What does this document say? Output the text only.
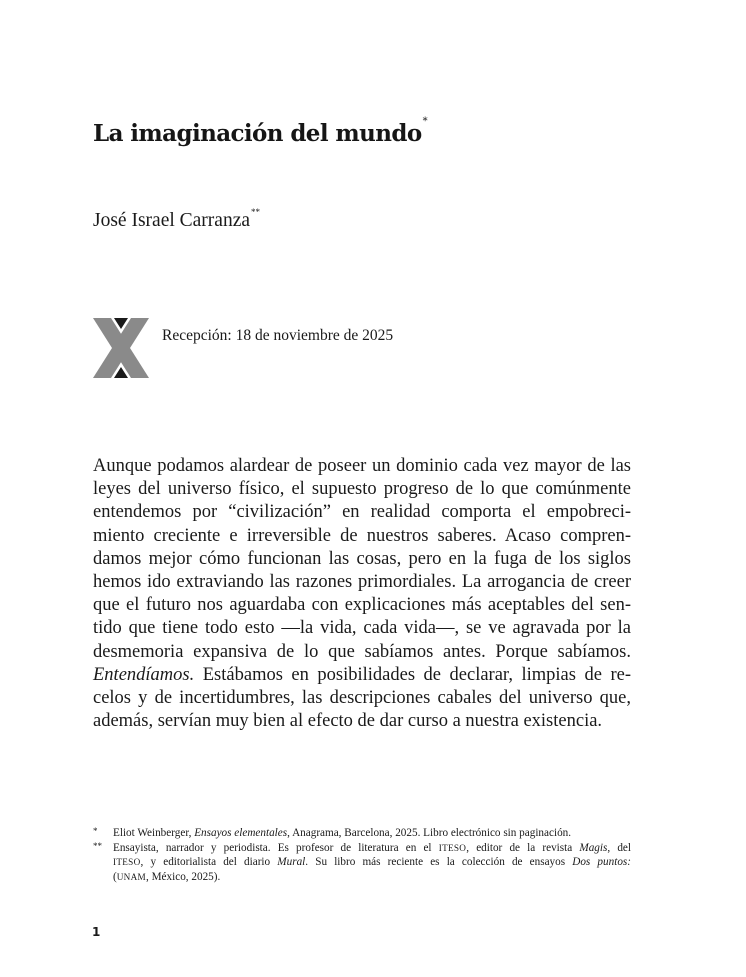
La imaginación del mundo*

José Israel Carranza**

Recepción: 18 de noviembre de 2025

Aunque podamos alardear de poseer un dominio cada vez mayor de las
leyes del universo físico, el supuesto progreso de lo que comúnmente
entendemos por “civilización” en realidad comporta el empobreci-
miento creciente e irreversible de nuestros saberes. Acaso compren-
damos mejor cómo funcionan las cosas, pero en la fuga de los siglos
hemos ido extraviando las razones primordiales. La arrogancia de creer
que el futuro nos aguardaba con explicaciones más aceptables del sen-
tido que tiene todo esto —la vida, cada vida—, se ve agravada por la
desmemoria expansiva de lo que sabíamos antes. Porque sabíamos.
Entendíamos. Estábamos en posibilidades de declarar, limpias de re-
celos y de incertidumbres, las descripciones cabales del universo que,
además, servían muy bien al efecto de dar curso a nuestra existencia.
* Eliot Weinberger, Ensayos elementales, Anagrama, Barcelona, 2025. Libro electrónico sin paginación.
** Ensayista, narrador y periodista. Es profesor de literatura en el ITESO, editor de la revista Magis, del
ITESO, y editorialista del diario Mural. Su libro más reciente es la colección de ensayos Dos puntos:
(UNAM, México, 2025).

1
